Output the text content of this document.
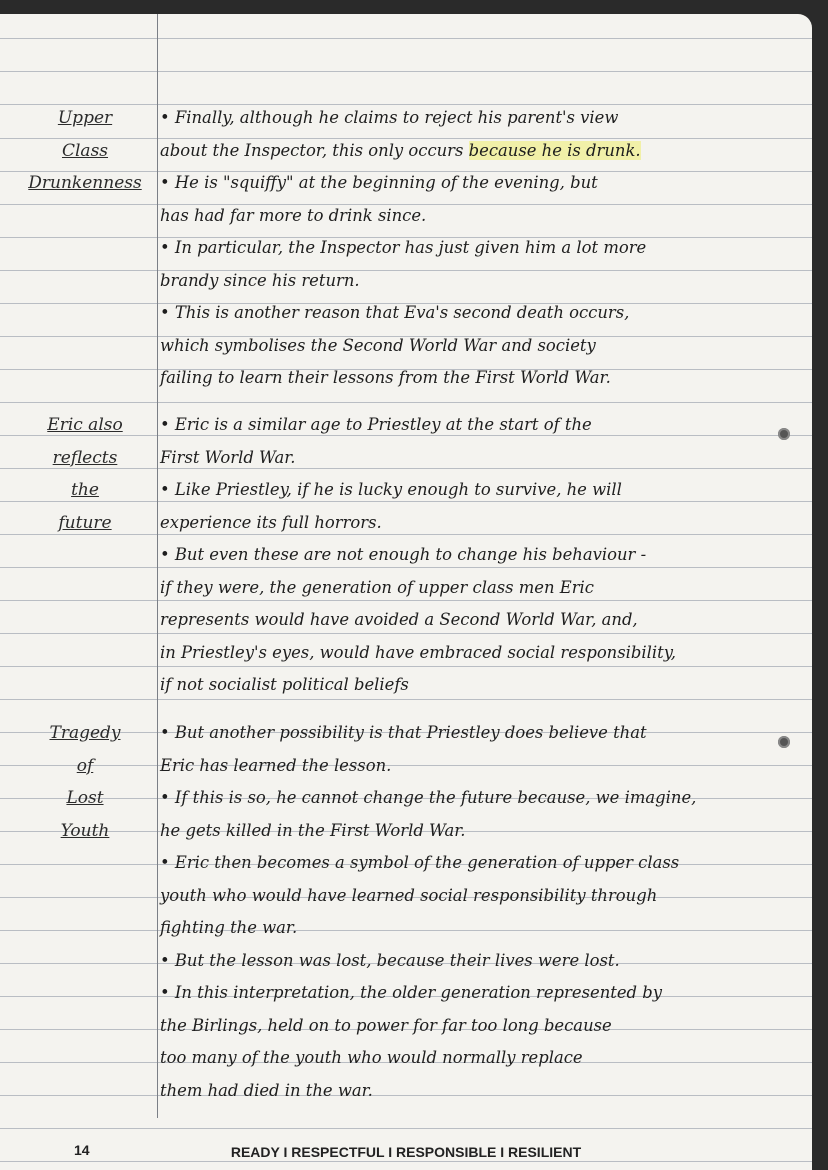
Upper
Class
Drunkenness
• Finally, although he claims to reject his parent's view
about the Inspector, this only occurs because he is drunk.
• He is "squiffy" at the beginning of the evening, but
has had far more to drink since.
• In particular, the Inspector has just given him a lot more
brandy since his return.
• This is another reason that Eva's second death occurs,
which symbolises the Second World War and society
failing to learn their lessons from the First World War.
Eric also
reflects
the
future
• Eric is a similar age to Priestley at the start of the
First World War.
• Like Priestley, if he is lucky enough to survive, he will
experience its full horrors.
• But even these are not enough to change his behaviour -
if they were, the generation of upper class men Eric
represents would have avoided a Second World War, and,
in Priestley's eyes, would have embraced social responsibility,
if not socialist political beliefs
Tragedy
of
Lost
Youth
• But another possibility is that Priestley does believe that
Eric has learned the lesson.
• If this is so, he cannot change the future because, we imagine,
he gets killed in the First World War.
• Eric then becomes a symbol of the generation of upper class
youth who would have learned social responsibility through
fighting the war.
• But the lesson was lost, because their lives were lost.
• In this interpretation, the older generation represented by
the Birlings, held on to power for far too long because
too many of the youth who would normally replace
them had died in the war.
14	READY I RESPECTFUL I RESPONSIBLE I RESILIENT
